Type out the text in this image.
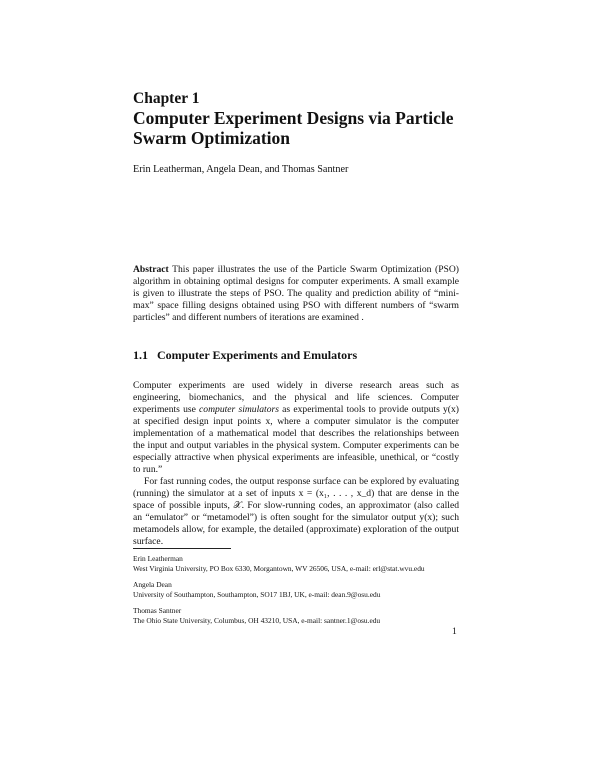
Chapter 1
Computer Experiment Designs via Particle Swarm Optimization
Erin Leatherman, Angela Dean, and Thomas Santner
Abstract This paper illustrates the use of the Particle Swarm Optimization (PSO) algorithm in obtaining optimal designs for computer experiments. A small example is given to illustrate the steps of PSO. The quality and prediction ability of “mini-max” space filling designs obtained using PSO with different numbers of “swarm particles” and different numbers of iterations are examined .
1.1 Computer Experiments and Emulators

Computer experiments are used widely in diverse research areas such as engineering, biomechanics, and the physical and life sciences. Computer experiments use computer simulators as experimental tools to provide outputs y(x) at specified design input points x, where a computer simulator is the computer implementation of a mathematical model that describes the relationships between the input and output variables in the physical system. Computer experiments can be especially attractive when physical experiments are infeasible, unethical, or “costly to run.”

For fast running codes, the output response surface can be explored by evaluating (running) the simulator at a set of inputs x = (x₁, . . . , x_d) that are dense in the space of possible inputs, 𝒳. For slow-running codes, an approximator (also called an “emulator” or “metamodel”) is often sought for the simulator output y(x); such metamodels allow, for example, the detailed (approximate) exploration of the output surface.

Erin Leatherman
West Virginia University, PO Box 6330, Morgantown, WV 26506, USA, e-mail: erl@stat.wvu.edu
Angela Dean
University of Southampton, Southampton, SO17 1BJ, UK, e-mail: dean.9@osu.edu
Thomas Santner
The Ohio State University, Columbus, OH 43210, USA, e-mail: santner.1@osu.edu
1
